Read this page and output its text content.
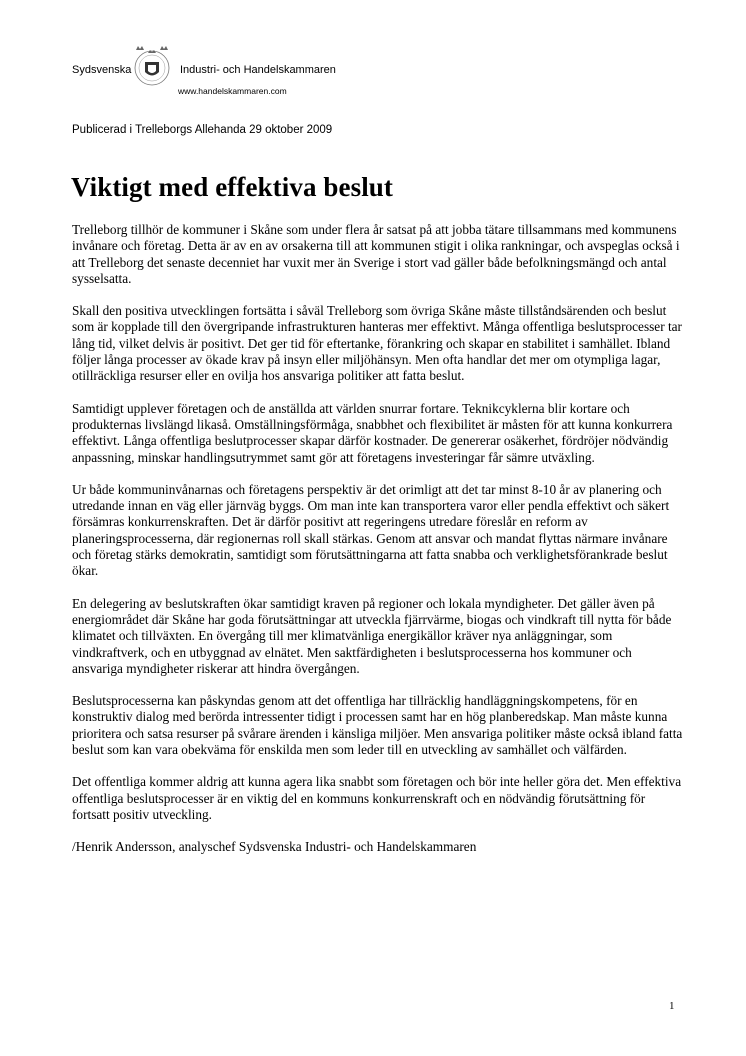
Sydsvenska	Industri- och Handelskammaren
www.handelskammaren.com
Publicerad i Trelleborgs Allehanda 29 oktober 2009
Viktigt med effektiva beslut

Trelleborg tillhör de kommuner i Skåne som under flera år satsat på att jobba tätare tillsammans med kommunens invånare och företag. Detta är av en av orsakerna till att kommunen stigit i olika rankningar, och avspeglas också i att Trelleborg det senaste decenniet har vuxit mer än Sverige i stort vad gäller både befolkningsmängd och antal sysselsatta.

Skall den positiva utvecklingen fortsätta i såväl Trelleborg som övriga Skåne måste tillståndsärenden och beslut som är kopplade till den övergripande infrastrukturen hanteras mer effektivt. Många offentliga beslutsprocesser tar lång tid, vilket delvis är positivt. Det ger tid för eftertanke, förankring och skapar en stabilitet i samhället. Ibland följer långa processer av ökade krav på insyn eller miljöhänsyn. Men ofta handlar det mer om otympliga lagar, otillräckliga resurser eller en ovilja hos ansvariga politiker att fatta beslut.

Samtidigt upplever företagen och de anställda att världen snurrar fortare. Teknikcyklerna blir kortare och produkternas livslängd likaså. Omställningsförmåga, snabbhet och flexibilitet är måsten för att kunna konkurrera effektivt. Långa offentliga beslutprocesser skapar därför kostnader. De genererar osäkerhet, fördröjer nödvändig anpassning, minskar handlingsutrymmet samt gör att företagens investeringar får sämre utväxling.

Ur både kommuninvånarnas och företagens perspektiv är det orimligt att det tar minst 8-10 år av planering och utredande innan en väg eller järnväg byggs. Om man inte kan transportera varor eller pendla effektivt och säkert försämras konkurrenskraften. Det är därför positivt att regeringens utredare föreslår en reform av planeringsprocesserna, där regionernas roll skall stärkas. Genom att ansvar och mandat flyttas närmare invånare och företag stärks demokratin, samtidigt som förutsättningarna att fatta snabba och verklighetsförankrade beslut ökar.

En delegering av beslutskraften ökar samtidigt kraven på regioner och lokala myndigheter. Det gäller även på energiområdet där Skåne har goda förutsättningar att utveckla fjärrvärme, biogas och vindkraft till nytta för både klimatet och tillväxten. En övergång till mer klimatvänliga energikällor kräver nya anläggningar, som vindkraftverk, och en utbyggnad av elnätet. Men saktfärdigheten i beslutsprocesserna hos kommuner och ansvariga myndigheter riskerar att hindra övergången.

Beslutsprocesserna kan påskyndas genom att det offentliga har tillräcklig handläggningskompetens, för en konstruktiv dialog med berörda intressenter tidigt i processen samt har en hög planberedskap. Man måste kunna prioritera och satsa resurser på svårare ärenden i känsliga miljöer. Men ansvariga politiker måste också ibland fatta beslut som kan vara obekväma för enskilda men som leder till en utveckling av samhället och välfärden.

Det offentliga kommer aldrig att kunna agera lika snabbt som företagen och bör inte heller göra det. Men effektiva offentliga beslutsprocesser är en viktig del en kommuns konkurrenskraft och en nödvändig förutsättning för fortsatt positiv utveckling.

/Henrik Andersson, analyschef Sydsvenska Industri- och Handelskammaren

1
